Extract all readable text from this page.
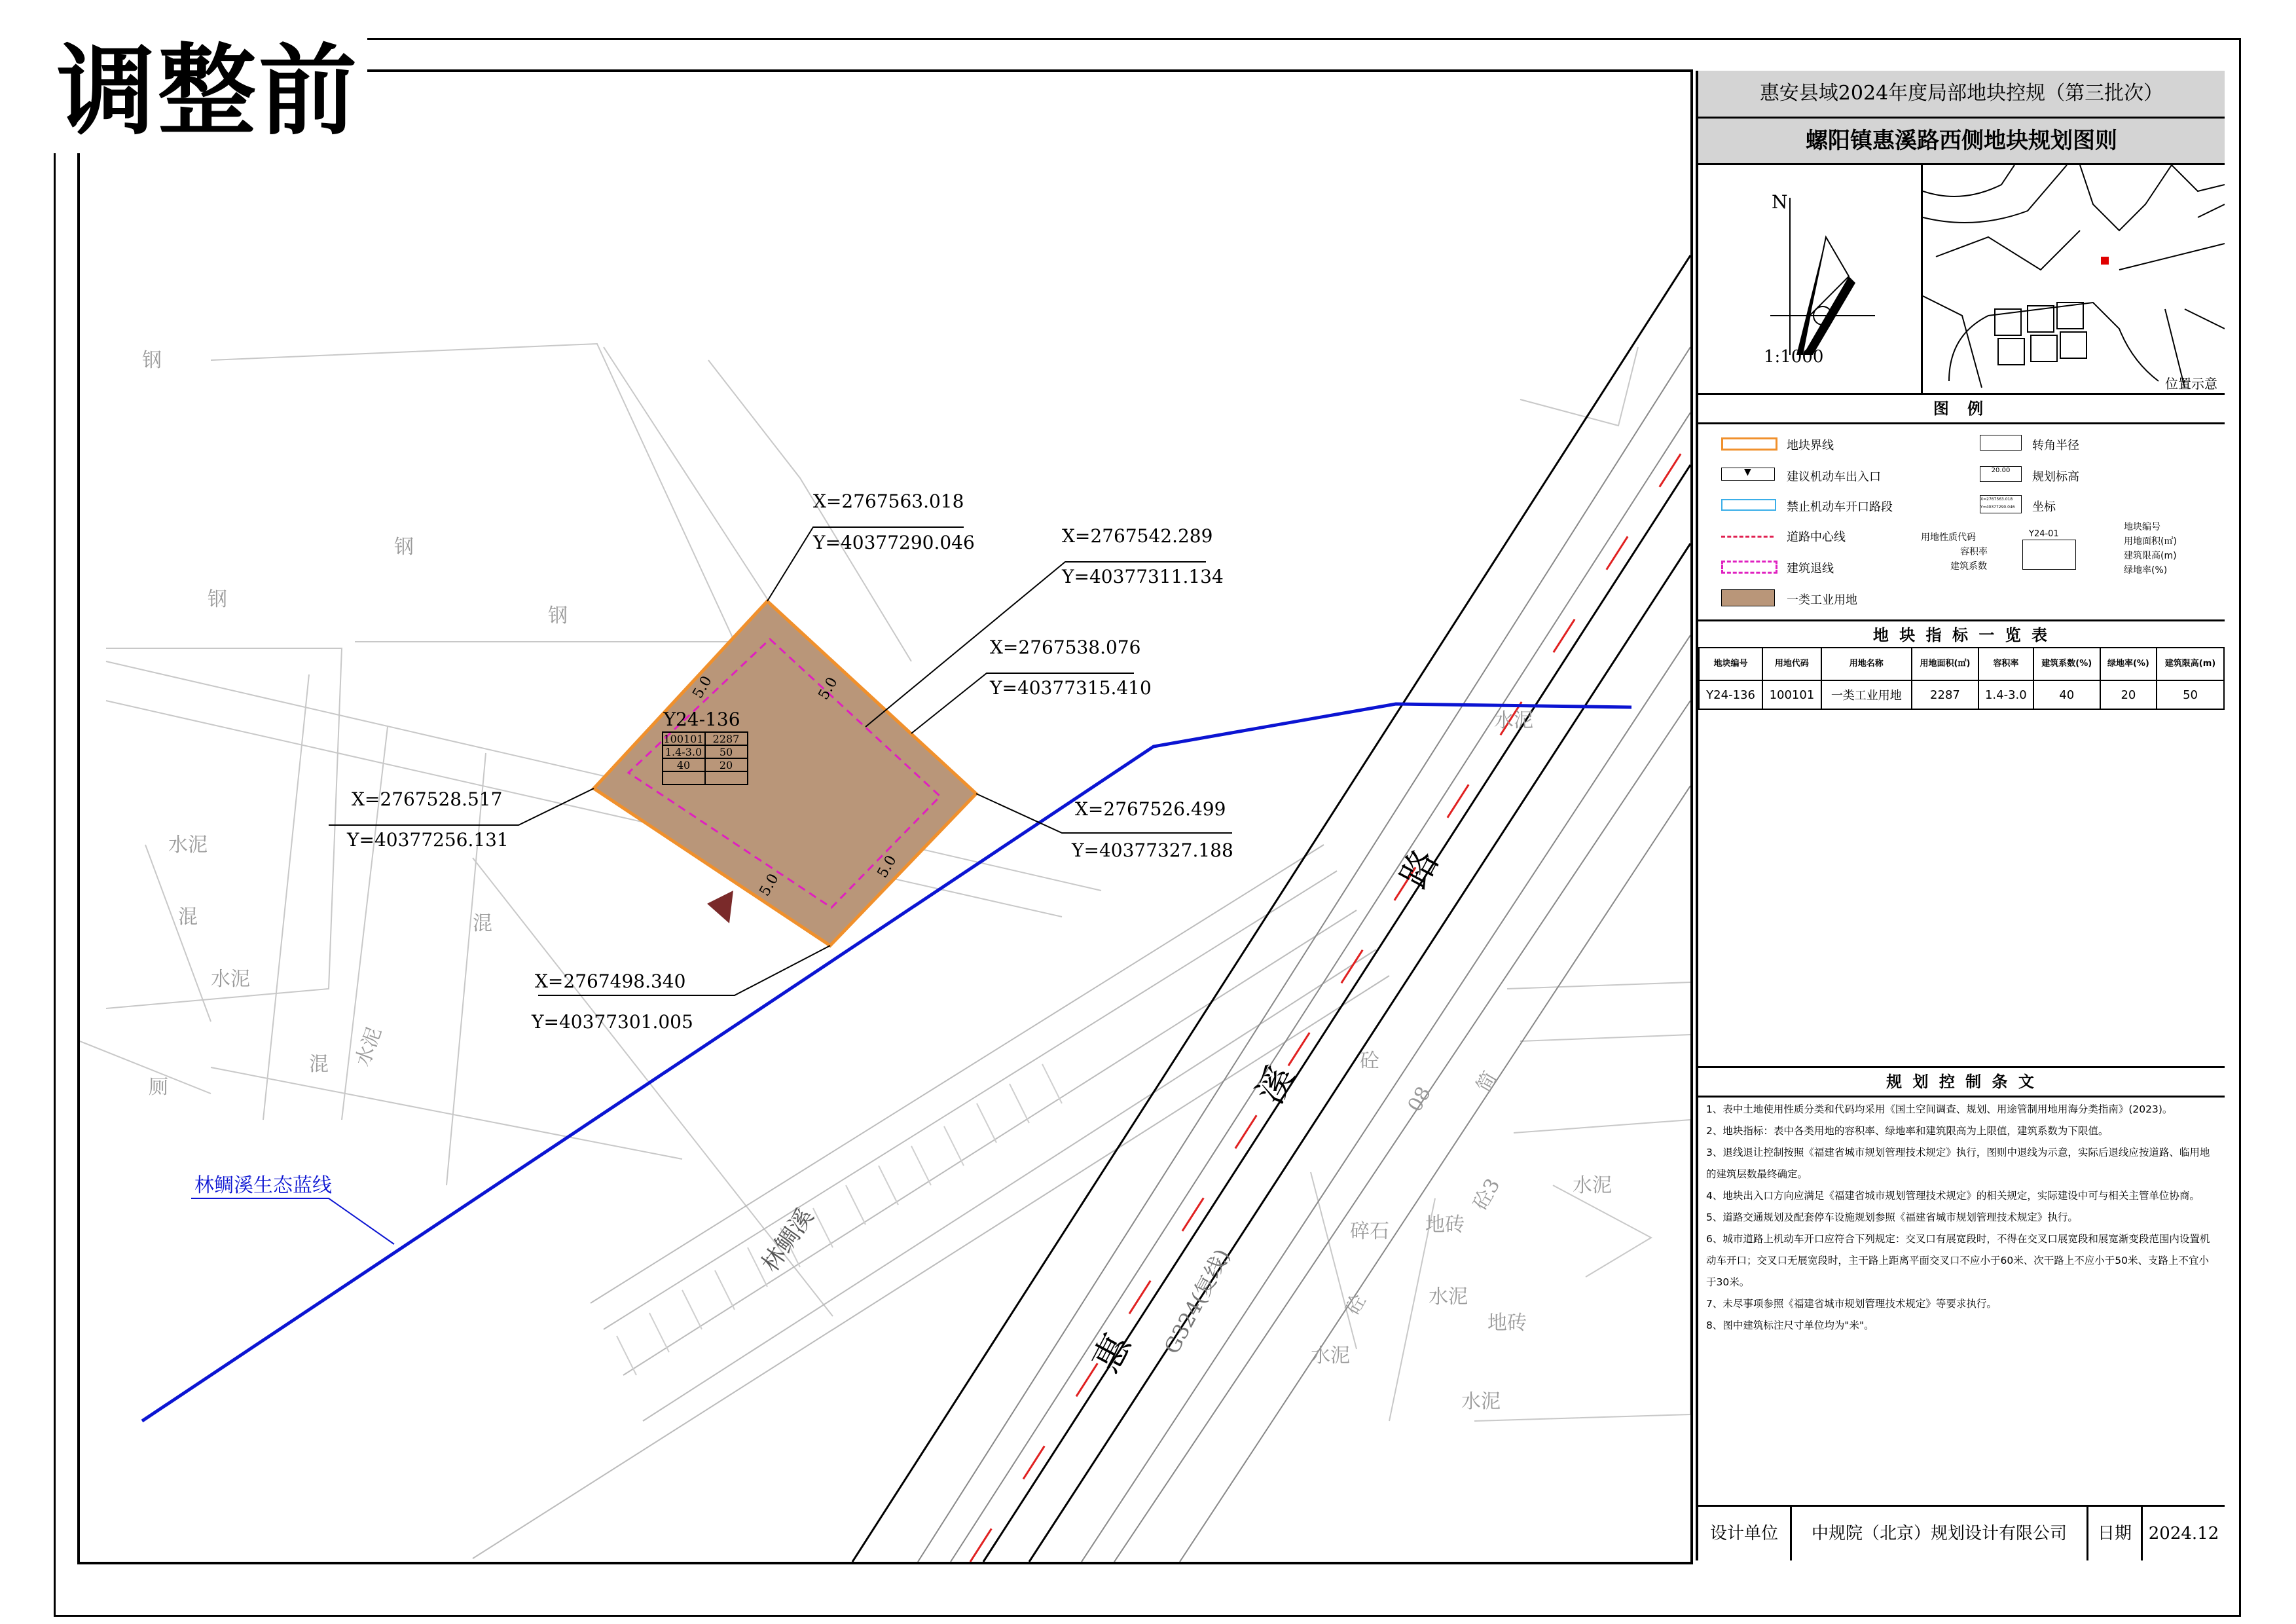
林鲷溪生态蓝线
Y24-136
100101 2287
1.4-3.0 50
40	20
5.0	5.0
5.0
5.0
X=2767563.018
Y=40377290.046	X=2767542.289
Y=40377311.134
X=2767538.076
Y=40377315.410
X=2767528.517
Y=40377256.131
X=2767526.499
Y=40377327.188
X=2767498.340
Y=40377301.005
惠
溪
路
G324(复线)
林鲷溪
钢
钢
钢
钢
水泥
混
水泥
混
水泥
砼
水泥
碎石 地砖
水泥
地砖
水泥
水泥
砼3
砼
简
08
厕
混 水泥
调整前	惠安县域2024年度局部地块控规（第三批次）
螺阳镇惠溪路西侧地块规划图则
N
1:1000
位置示意
图 例
地块界线
▼	建议机动车出入口
禁止机动车开口路段
道路中心线
建筑退线
一类工业用地
转角半径
20.00	规划标高
X=2767563.018
Y=40377290.046	坐标
用地性质代码
容积率
建筑系数
Y24-01
地块编号
用地面积(㎡)
建筑限高(m)
绿地率(%)
地 块 指 标 一 览 表
地块编号	用地代码	用地名称	用地面积(㎡)	容积率	建筑系数(%)	绿地率(%)	建筑限高(m)
Y24-136	100101	一类工业用地	2287	1.4-3.0	40	20	50
规 划 控 制 条 文

1、表中土地使用性质分类和代码均采用《国土空间调查、规划、用途管制用地用海分类指南》(2023)。

2、地块指标：表中各类用地的容积率、绿地率和建筑限高为上限值，建筑系数为下限值。

3、退线退让控制按照《福建省城市规划管理技术规定》执行，图则中退线为示意，实际后退线应按道路、临用地的建筑层数最终确定。

4、地块出入口方向应满足《福建省城市规划管理技术规定》的相关规定，实际建设中可与相关主管单位协商。

5、道路交通规划及配套停车设施规划参照《福建省城市规划管理技术规定》执行。

6、城市道路上机动车开口应符合下列规定：交叉口有展宽段时，不得在交叉口展宽段和展宽渐变段范围内设置机动车开口；交叉口无展宽段时，主干路上距离平面交叉口不应小于60米、次干路上不应小于50米、支路上不宜小于30米。

7、未尽事项参照《福建省城市规划管理技术规定》等要求执行。

8、图中建筑标注尺寸单位均为"米"。

设计单位	中规院（北京）规划设计有限公司	日期 2024.12
